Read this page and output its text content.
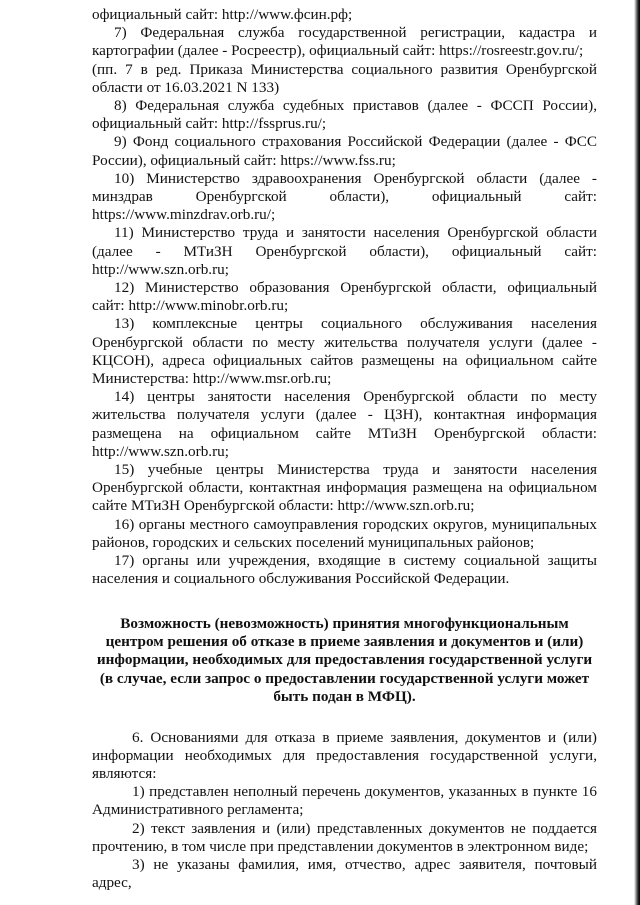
официальный сайт: http://www.фсин.рф;

7) Федеральная служба государственной регистрации, кадастра и картографии (далее - Росреестр), официальный сайт: https://rosreestr.gov.ru/;

(пп. 7 в ред. Приказа Министерства социального развития Оренбургской области от 16.03.2021 N 133)

8) Федеральная служба судебных приставов (далее - ФССП России), официальный сайт: http://fssprus.ru/;

9) Фонд социального страхования Российской Федерации (далее - ФСС России), официальный сайт: https://www.fss.ru;

10) Министерство здравоохранения Оренбургской области (далее - минздрав Оренбургской области), официальный сайт: https://www.minzdrav.orb.ru/;

11) Министерство труда и занятости населения Оренбургской области (далее - МТиЗН Оренбургской области), официальный сайт: http://www.szn.orb.ru;

12) Министерство образования Оренбургской области, официальный сайт: http://www.minobr.orb.ru;

13) комплексные центры социального обслуживания населения Оренбургской области по месту жительства получателя услуги (далее - КЦСОН), адреса официальных сайтов размещены на официальном сайте Министерства: http://www.msr.orb.ru;

14) центры занятости населения Оренбургской области по месту жительства получателя услуги (далее - ЦЗН), контактная информация размещена на официальном сайте МТиЗН Оренбургской области: http://www.szn.orb.ru;

15) учебные центры Министерства труда и занятости населения Оренбургской области, контактная информация размещена на официальном сайте МТиЗН Оренбургской области: http://www.szn.orb.ru;

16) органы местного самоуправления городских округов, муниципальных районов, городских и сельских поселений муниципальных районов;

17) органы или учреждения, входящие в систему социальной защиты населения и социального обслуживания Российской Федерации.

Возможность (невозможность) принятия многофункциональным центром решения об отказе в приеме заявления и документов и (или) информации, необходимых для предоставления государственной услуги (в случае, если запрос о предоставлении государственной услуги может быть подан в МФЦ).

6. Основаниями для отказа в приеме заявления, документов и (или) информации необходимых для предоставления государственной услуги, являются:

1) представлен неполный перечень документов, указанных в пункте 16 Административного регламента;

2) текст заявления и (или) представленных документов не поддается прочтению, в том числе при представлении документов в электронном виде;

3) не указаны фамилия, имя, отчество, адрес заявителя, почтовый адрес,
